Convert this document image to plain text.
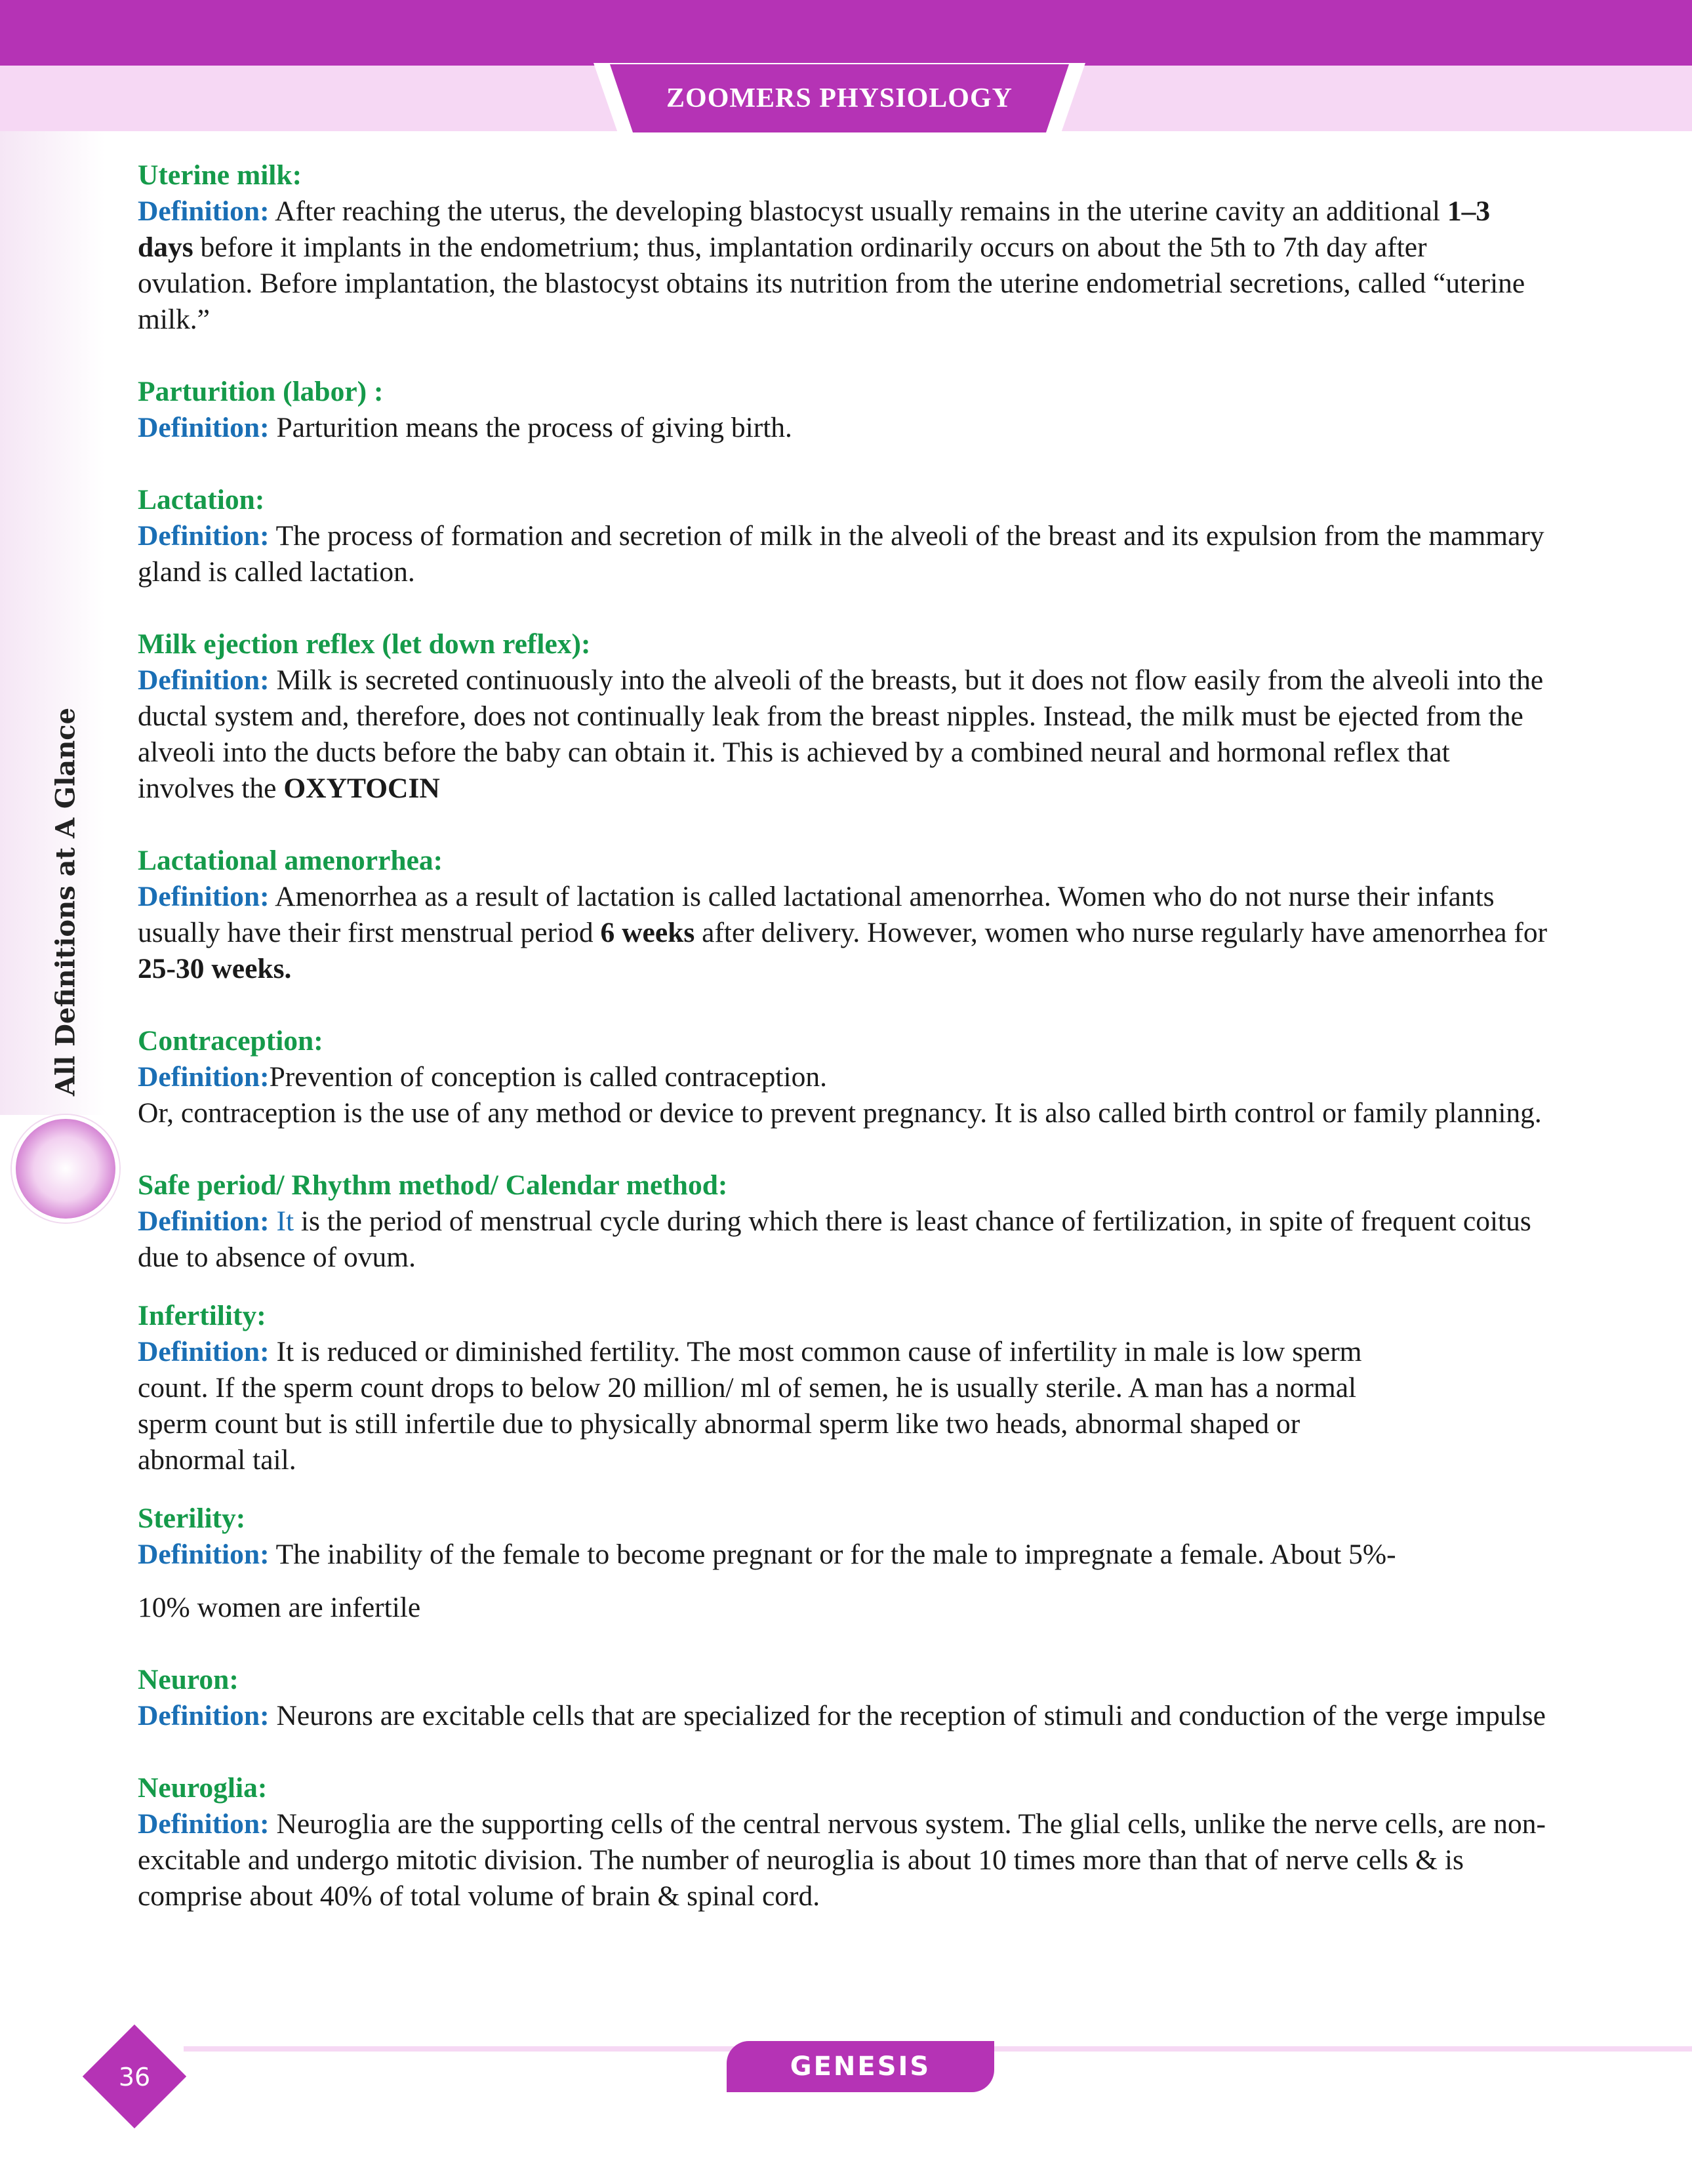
ZOOMERS PHYSIOLOGY
All Definitions at A Glance
Uterine milk:

Definition: After reaching the uterus, the developing blastocyst usually remains in the uterine cavity an additional 1–3 days before it implants in the endometrium; thus, implantation ordinarily occurs on about the 5th to 7th day after ovulation. Before implantation, the blastocyst obtains its nutrition from the uterine endometrial secretions, called “uterine milk.”

Parturition (labor) :

Definition: Parturition means the process of giving birth.

Lactation:

Definition: The process of formation and secretion of milk in the alveoli of the breast and its expulsion from the mammary gland is called lactation.

Milk ejection reflex (let down reflex):

Definition: Milk is secreted continuously into the alveoli of the breasts, but it does not flow easily from the alveoli into the ductal system and, therefore, does not continually leak from the breast nipples. Instead, the milk must be ejected from the alveoli into the ducts before the baby can obtain it. This is achieved by a combined neural and hormonal reflex that involves the OXYTOCIN

Lactational amenorrhea:

Definition: Amenorrhea as a result of lactation is called lactational amenorrhea. Women who do not nurse their infants usually have their first menstrual period 6 weeks after delivery. However, women who nurse regularly have amenorrhea for 25-30 weeks.

Contraception:

Definition:Prevention of conception is called contraception.

Or, contraception is the use of any method or device to prevent pregnancy. It is also called birth control or family planning.

Safe period/ Rhythm method/ Calendar method:

Definition: It is the period of menstrual cycle during which there is least chance of fertilization, in spite of frequent coitus due to absence of ovum.

Infertility:

Definition: It is reduced or diminished fertility. The most common cause of infertility in male is low sperm
count. If the sperm count drops to below 20 million/ ml of semen, he is usually sterile. A man has a normal
sperm count but is still infertile due to physically abnormal sperm like two heads, abnormal shaped or
abnormal tail.

Sterility:

Definition: The inability of the female to become pregnant or for the male to impregnate a female. About 5%-

10% women are infertile

Neuron:

Definition: Neurons are excitable cells that are specialized for the reception of stimuli and conduction of the verge impulse

Neuroglia:

Definition: Neuroglia are the supporting cells of the central nervous system. The glial cells, unlike the nerve cells, are non-excitable and undergo mitotic division. The number of neuroglia is about 10 times more than that of nerve cells & is comprise about 40% of total volume of brain & spinal cord.

GENESIS
36
